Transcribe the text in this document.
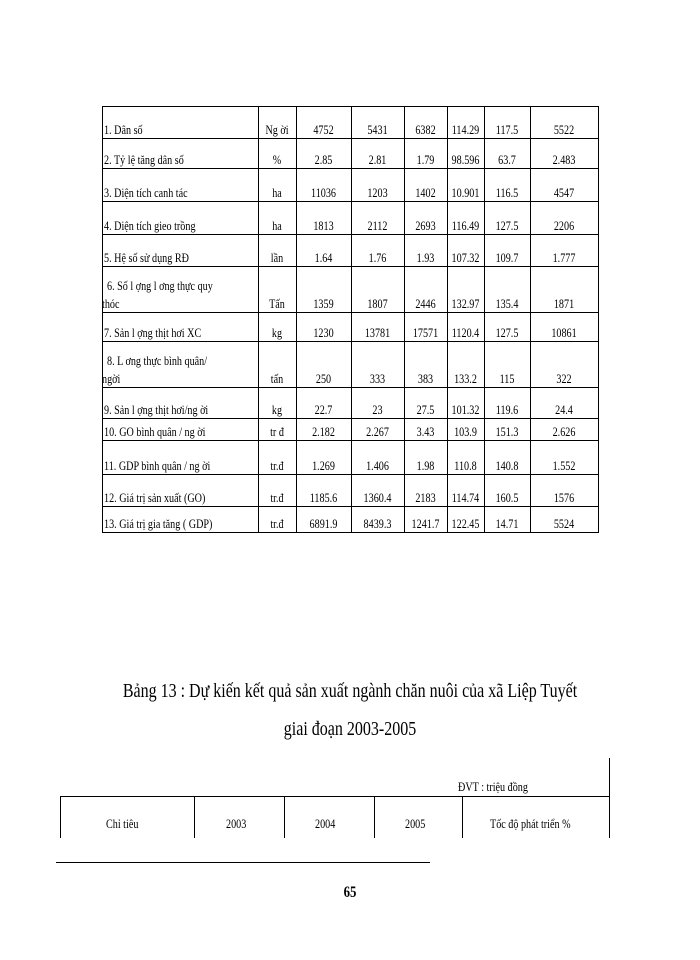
1. Dân số	Ng ời	4752	5431	6382	114.29	117.5	5522
2. Tỷ lệ tăng dân số	%	2.85	2.81	1.79	98.596	63.7	2.483
3. Diện tích canh tác	ha	11036	1203	1402	10.901	116.5	4547
4. Diện tích gieo trồng	ha	1813	2112	2693	116.49	127.5	2206
5. Hệ số sử dụng RĐ	lần	1.64	1.76	1.93	107.32	109.7	1.777
6. Số l ợng l ơng thực quy
thóc	Tấn	1359	1807	2446	132.97	135.4	1871
7. Sản l ợng thịt hơi XC	kg	1230	13781	17571	1120.4	127.5	10861
8. L ơng thực bình quân/
ngời	tấn	250	333	383	133.2	115	322
9. Sản l ợng thịt hơi/ng ời	kg	22.7	23	27.5	101.32	119.6	24.4
10. GO bình quân / ng ời	tr đ	2.182	2.267	3.43	103.9	151.3	2.626
11. GDP bình quân / ng ời	tr.đ	1.269	1.406	1.98	110.8	140.8	1.552
12. Giá trị sản xuất (GO)	tr.đ	1185.6	1360.4	2183	114.74	160.5	1576
13. Giá trị gia tăng ( GDP)	tr.đ	6891.9	8439.3	1241.7 122.45	14.71	5524
Bảng 13 : Dự kiến kết quả sản xuất ngành chăn nuôi của xã Liệp Tuyết
giai đoạn 2003-2005
ĐVT : triệu đồng
Chỉ tiêu	2003	2004	2005	Tốc độ phát triển %
65
